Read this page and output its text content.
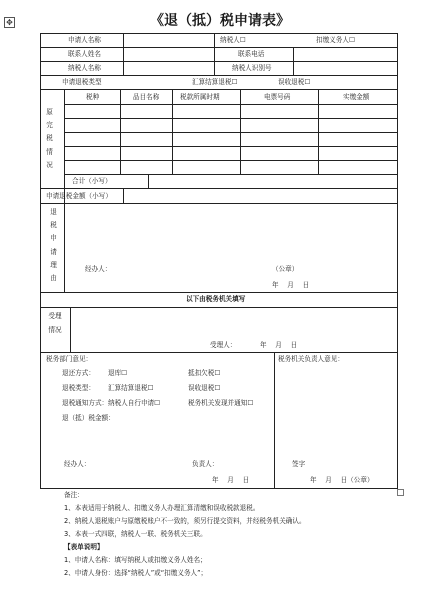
✥	《退（抵）税申请表》
申请人名称	纳税人☐	扣缴义务人☐
联系人姓名	联系电话
纳税人名称	纳税人识别号
申请退税类型	汇算结算退税☐	误收退税☐
原完税情况
税种	品目名称	税款所属时期	电票号码	实缴金额
合计（小写）
申请退税金额（小写）
退税申请理由
经办人：	（公章）
年　 月　 日
以下由税务机关填写
受理情况
受理人：	年　 月　 日
税务部门意见：
退还方式： 退库☐	抵扣欠税☐
退税类型： 汇算结算退税☐	误收退税☐
退税通知方式： 纳税人自行申请☐	税务机关发现并通知☐
退（抵）税金额：
经办人：	负责人：
年　 月　 日
税务机关负责人意见：
签字
年　 月　 日（公章）
备注：
1、本表适用于纳税人、扣缴义务人办理汇算清缴和误收税款退税。
2、纳税人退税账户与原缴税账户不一致的，须另行提交资料，并经税务机关确认。
3、本表一式四联，纳税人一联、税务机关三联。
【表单说明】
1、申请人名称：填写纳税人或扣缴义务人姓名；
2、申请人身份：选择“纳税人”或“扣缴义务人”；
